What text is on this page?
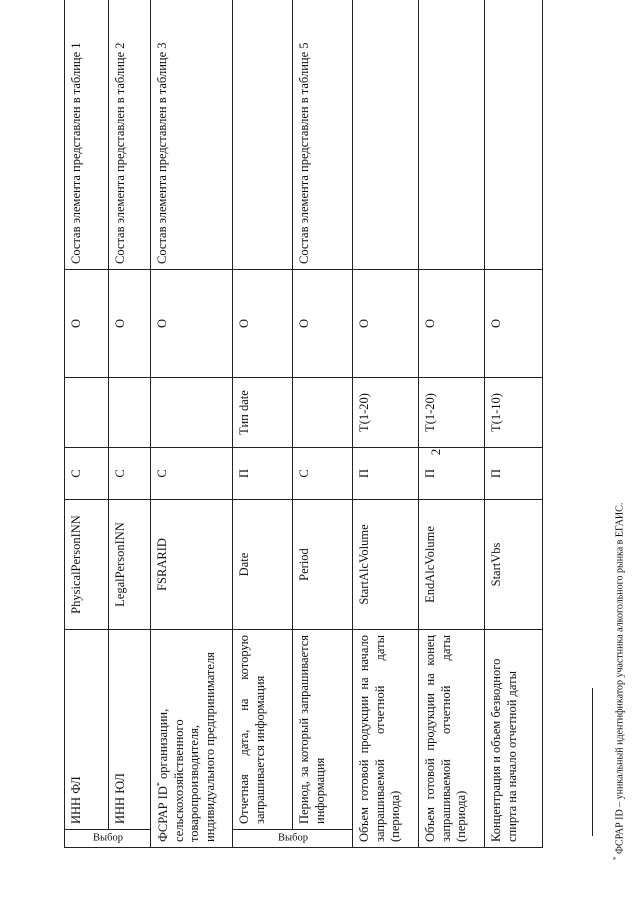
2
Выбор	ИНН ФЛ	PhysicalPersonINN	С		О	Состав элемента представлен в таблице 1
	ИНН ЮЛ	LegalPersonINN	С		О	Состав элемента представлен в таблице 2
ФСРАР ID* организации, сельскохозяйственного товаропроизводителя, индивидуального предпринимателя		FSRARID	С		О	Состав элемента представлен в таблице 3

Выбор	Отчетная дата, на которую запрашивается информация	Date	П	Тип date	О	
	Период, за который запрашивается информация	Period	С		О	Состав элемента представлен в таблице 5
Объем готовой продукции на начало запрашиваемой отчетной даты (периода)		StartAlcVolume	П	T(1-20)	О	
Объем готовой продукции на конец запрашиваемой отчетной даты (периода)		EndAlcVolume	П	T(1-20)	О	
Концентрация и объем безводного спирта на начало отчетной даты		StartVbs	П	T(1-10)	О	
* ФСРАР ID – уникальный идентификатор участника алкогольного рынка в ЕГАИС.
